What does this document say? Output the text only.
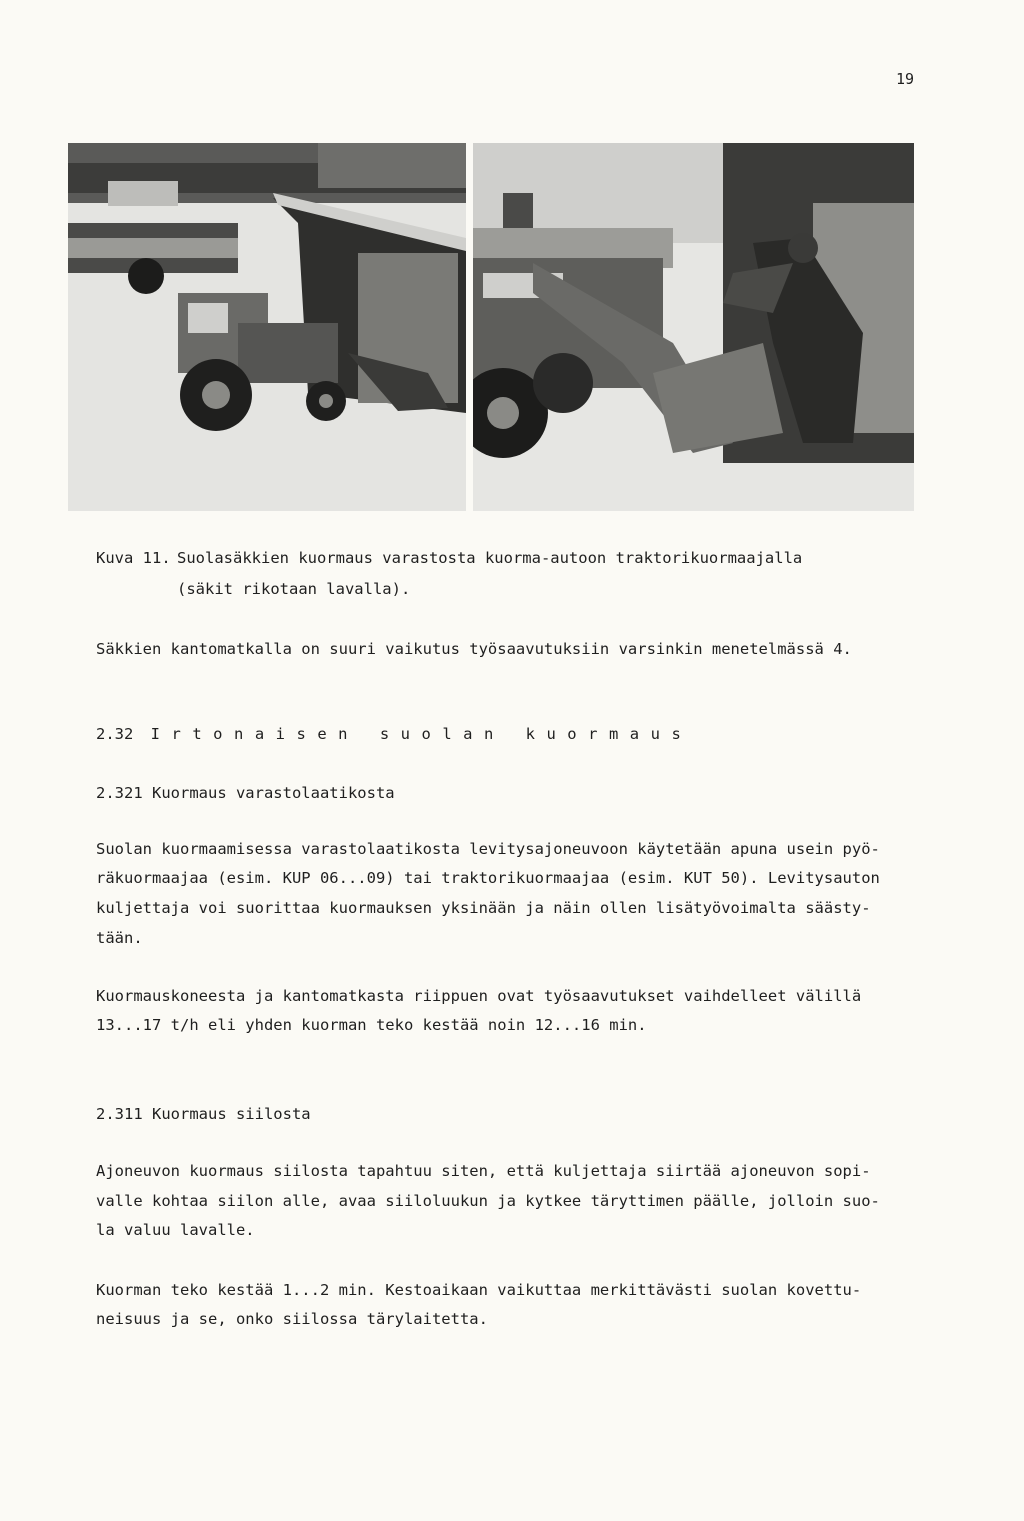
19
Kuva 11. Suolasäkkien kuormaus varastosta kuorma-autoon traktorikuormaajalla
(säkit rikotaan lavalla).
Säkkien kantomatkalla on suuri vaikutus työsaavutuksiin varsinkin menetelmässä 4.
2.32 Irtonaisen suolan kuormaus
2.321 Kuormaus varastolaatikosta
Suolan kuormaamisessa varastolaatikosta levitysajoneuvoon käytetään apuna usein pyö-
räkuormaajaa (esim. KUP 06...09) tai traktorikuormaajaa (esim. KUT 50). Levitysauton
kuljettaja voi suorittaa kuormauksen yksinään ja näin ollen lisätyövoimalta säästy-
tään.
Kuormauskoneesta ja kantomatkasta riippuen ovat työsaavutukset vaihdelleet välillä
13...17 t/h eli yhden kuorman teko kestää noin 12...16 min.
2.311 Kuormaus siilosta
Ajoneuvon kuormaus siilosta tapahtuu siten, että kuljettaja siirtää ajoneuvon sopi-
valle kohtaa siilon alle, avaa siiloluukun ja kytkee täryttimen päälle, jolloin suo-
la valuu lavalle.
Kuorman teko kestää 1...2 min. Kestoaikaan vaikuttaa merkittävästi suolan kovettu-
neisuus ja se, onko siilossa tärylaitetta.
